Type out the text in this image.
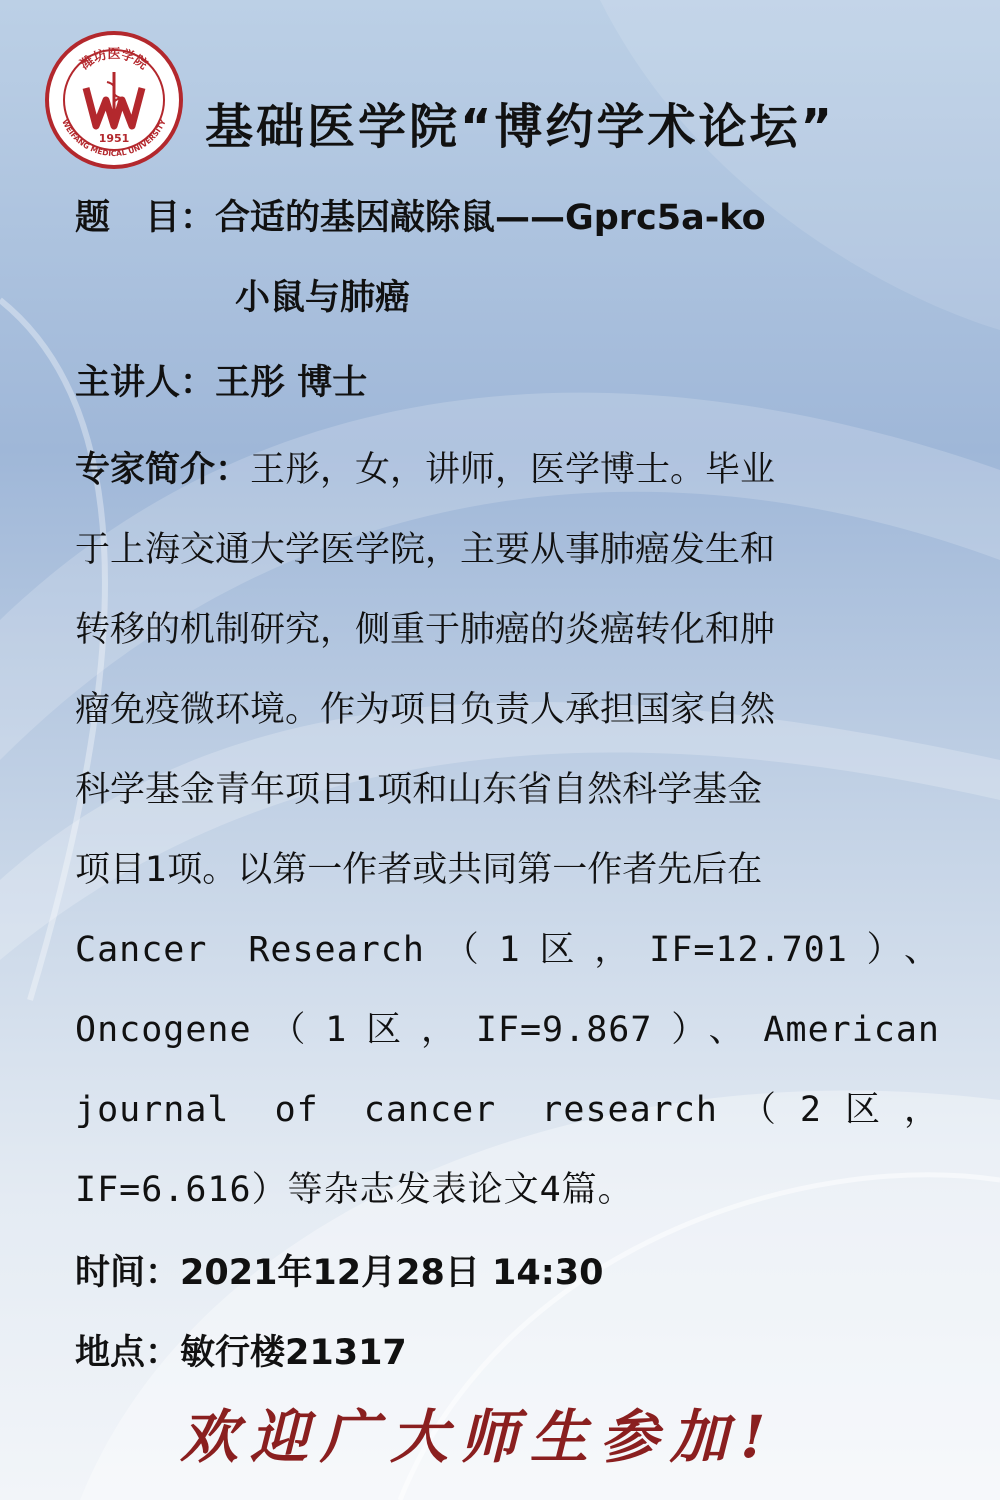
潍坊医学院
WEIFANG MEDICAL UNIVERSITY
1951 基础医学院“博约学术论坛”
题　目：合适的基因敲除鼠——Gprc5a-ko
小鼠与肺癌
主讲人：王彤 博士
专家简介：王彤，女，讲师，医学博士。毕业
于上海交通大学医学院，主要从事肺癌发生和
转移的机制研究，侧重于肺癌的炎癌转化和肿
瘤免疫微环境。作为项目负责人承担国家自然
科学基金青年项目1项和山东省自然科学基金
项目1项。以第一作者或共同第一作者先后在
Cancer Research（1区，IF=12.701）、
Oncogene（1区，IF=9.867）、American
journal of cancer research（2区，
IF=6.616）等杂志发表论文4篇。
时间：2021年12月28日 14:30
地点：敏行楼21317
欢迎广大师生参加!
